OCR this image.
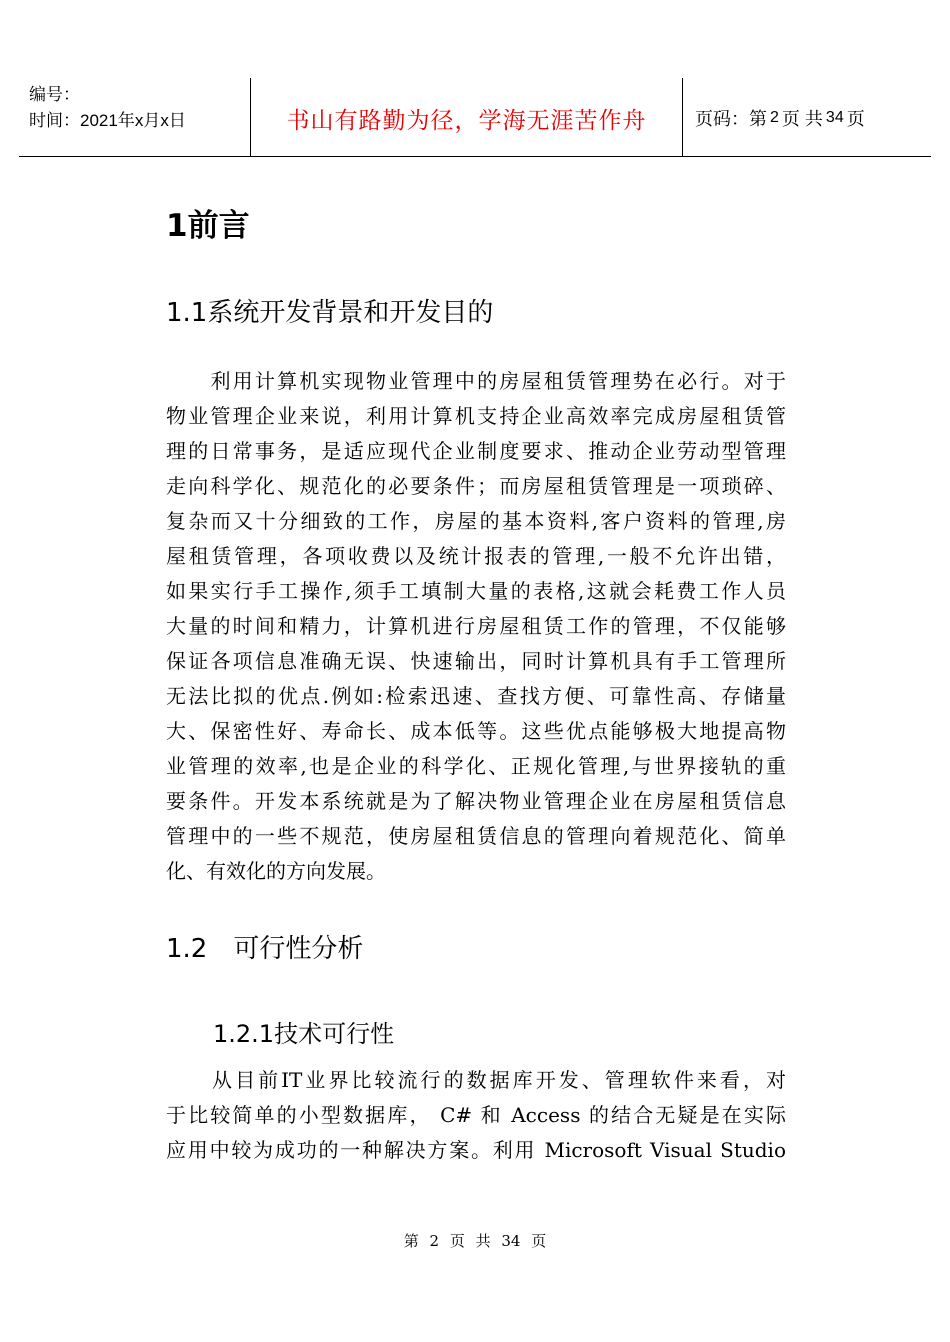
编号：
时间：2021年x月x日	书山有路勤为径，学海无涯苦作舟	页码：第 2 页 共 34 页
1前言
1.1系统开发背景和开发目的
　　利用计算机实现物业管理中的房屋租赁管理势在必行。对于
物业管理企业来说，利用计算机支持企业高效率完成房屋租赁管
理的日常事务，是适应现代企业制度要求、推动企业劳动型管理
走向科学化、规范化的必要条件；而房屋租赁管理是一项琐碎、
复杂而又十分细致的工作，房屋的基本资料,客户资料的管理,房
屋租赁管理，各项收费以及统计报表的管理,一般不允许出错，
如果实行手工操作,须手工填制大量的表格,这就会耗费工作人员
大量的时间和精力，计算机进行房屋租赁工作的管理，不仅能够
保证各项信息准确无误、快速输出，同时计算机具有手工管理所
无法比拟的优点.例如:检索迅速、查找方便、可靠性高、存储量
大、保密性好、寿命长、成本低等。这些优点能够极大地提高物
业管理的效率,也是企业的科学化、正规化管理,与世界接轨的重
要条件。开发本系统就是为了解决物业管理企业在房屋租赁信息
管理中的一些不规范，使房屋租赁信息的管理向着规范化、简单
化、有效化的方向发展。
1.2　可行性分析
1.2.1技术可行性
　　从目前IT业界比较流行的数据库开发、管理软件来看，对
于比较简单的小型数据库， C# 和 Access 的结合无疑是在实际
应用中较为成功的一种解决方案。利用 Microsoft Visual Studio
第 2 页 共 34 页
